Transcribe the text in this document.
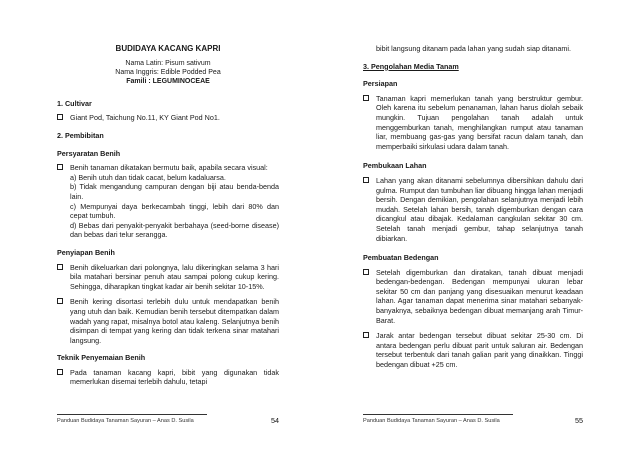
BUDIDAYA KACANG KAPRI
Nama Latin: Pisum sativum
Nama Inggris: Edible Podded Pea
Famili : LEGUMINOCEAE
1. Cultivar
Giant Pod, Taichung No.11, KY Giant Pod No1.
2. Pembibitan
Persyaratan Benih
Benih tanaman dikatakan bermutu baik, apabila secara visual:
a) Benih utuh dan tidak cacat, belum kadaluarsa.
b) Tidak mengandung campuran dengan biji atau benda-benda lain.
c) Mempunyai daya berkecambah tinggi, lebih dari 80% dan cepat tumbuh.
d) Bebas dari penyakit-penyakit berbahaya (seed-borne disease) dan bebas dari telur serangga.
Penyiapan Benih
Benih dikeluarkan dari polongnya, lalu dikeringkan selama 3 hari bila matahari bersinar penuh atau sampai polong cukup kering. Sehingga, diharapkan tingkat kadar air benih sekitar 10-15%.
Benih kering disortasi terlebih dulu untuk mendapatkan benih yang utuh dan baik. Kemudian benih tersebut ditempatkan dalam wadah yang rapat, misalnya botol atau kaleng. Selanjutnya benih disimpan di tempat yang kering dan tidak terkena sinar matahari langsung.
Teknik Penyemaian Benih
Pada tanaman kacang kapri, bibit yang digunakan tidak memerlukan disemai terlebih dahulu, tetapi
Panduan Budidaya Tanaman Sayuran – Anas D. Susila	54
bibit langsung ditanam pada lahan yang sudah siap ditanami.
3. Pengolahan Media Tanam
Persiapan
Tanaman kapri memerlukan tanah yang berstruktur gembur. Oleh karena itu sebelum penanaman, lahan harus diolah sebaik mungkin. Tujuan pengolahan tanah adalah untuk menggemburkan tanah, menghilangkan rumput atau tanaman liar, membuang gas-gas yang bersifat racun dalam tanah, dan memperbaiki sirkulasi udara dalam tanah.
Pembukaan Lahan
Lahan yang akan ditanami sebelumnya dibersihkan dahulu dari gulma. Rumput dan tumbuhan liar dibuang hingga lahan menjadi bersih. Dengan demikian, pengolahan selanjutnya menjadi lebih mudah. Setelah lahan bersih, tanah digemburkan dengan cara dicangkul atau dibajak. Kedalaman cangkulan sekitar 30 cm. Setelah tanah menjadi gembur, tahap selanjutnya tanah dibiarkan.
Pembuatan Bedengan
Setelah digemburkan dan diratakan, tanah dibuat menjadi bedengan-bedengan. Bedengan mempunyai ukuran lebar sekitar 50 cm dan panjang yang disesuaikan menurut keadaan lahan. Agar tanaman dapat menerima sinar matahari sebanyak-banyaknya, sebaiknya bedengan dibuat memanjang arah Timur-Barat.
Jarak antar bedengan tersebut dibuat sekitar 25-30 cm. Di antara bedengan perlu dibuat parit untuk saluran air. Bedengan tersebut terbentuk dari tanah galian parit yang dinaikkan. Tinggi bedengan dibuat +25 cm.
Panduan Budidaya Tanaman Sayuran – Anas D. Susila	55
